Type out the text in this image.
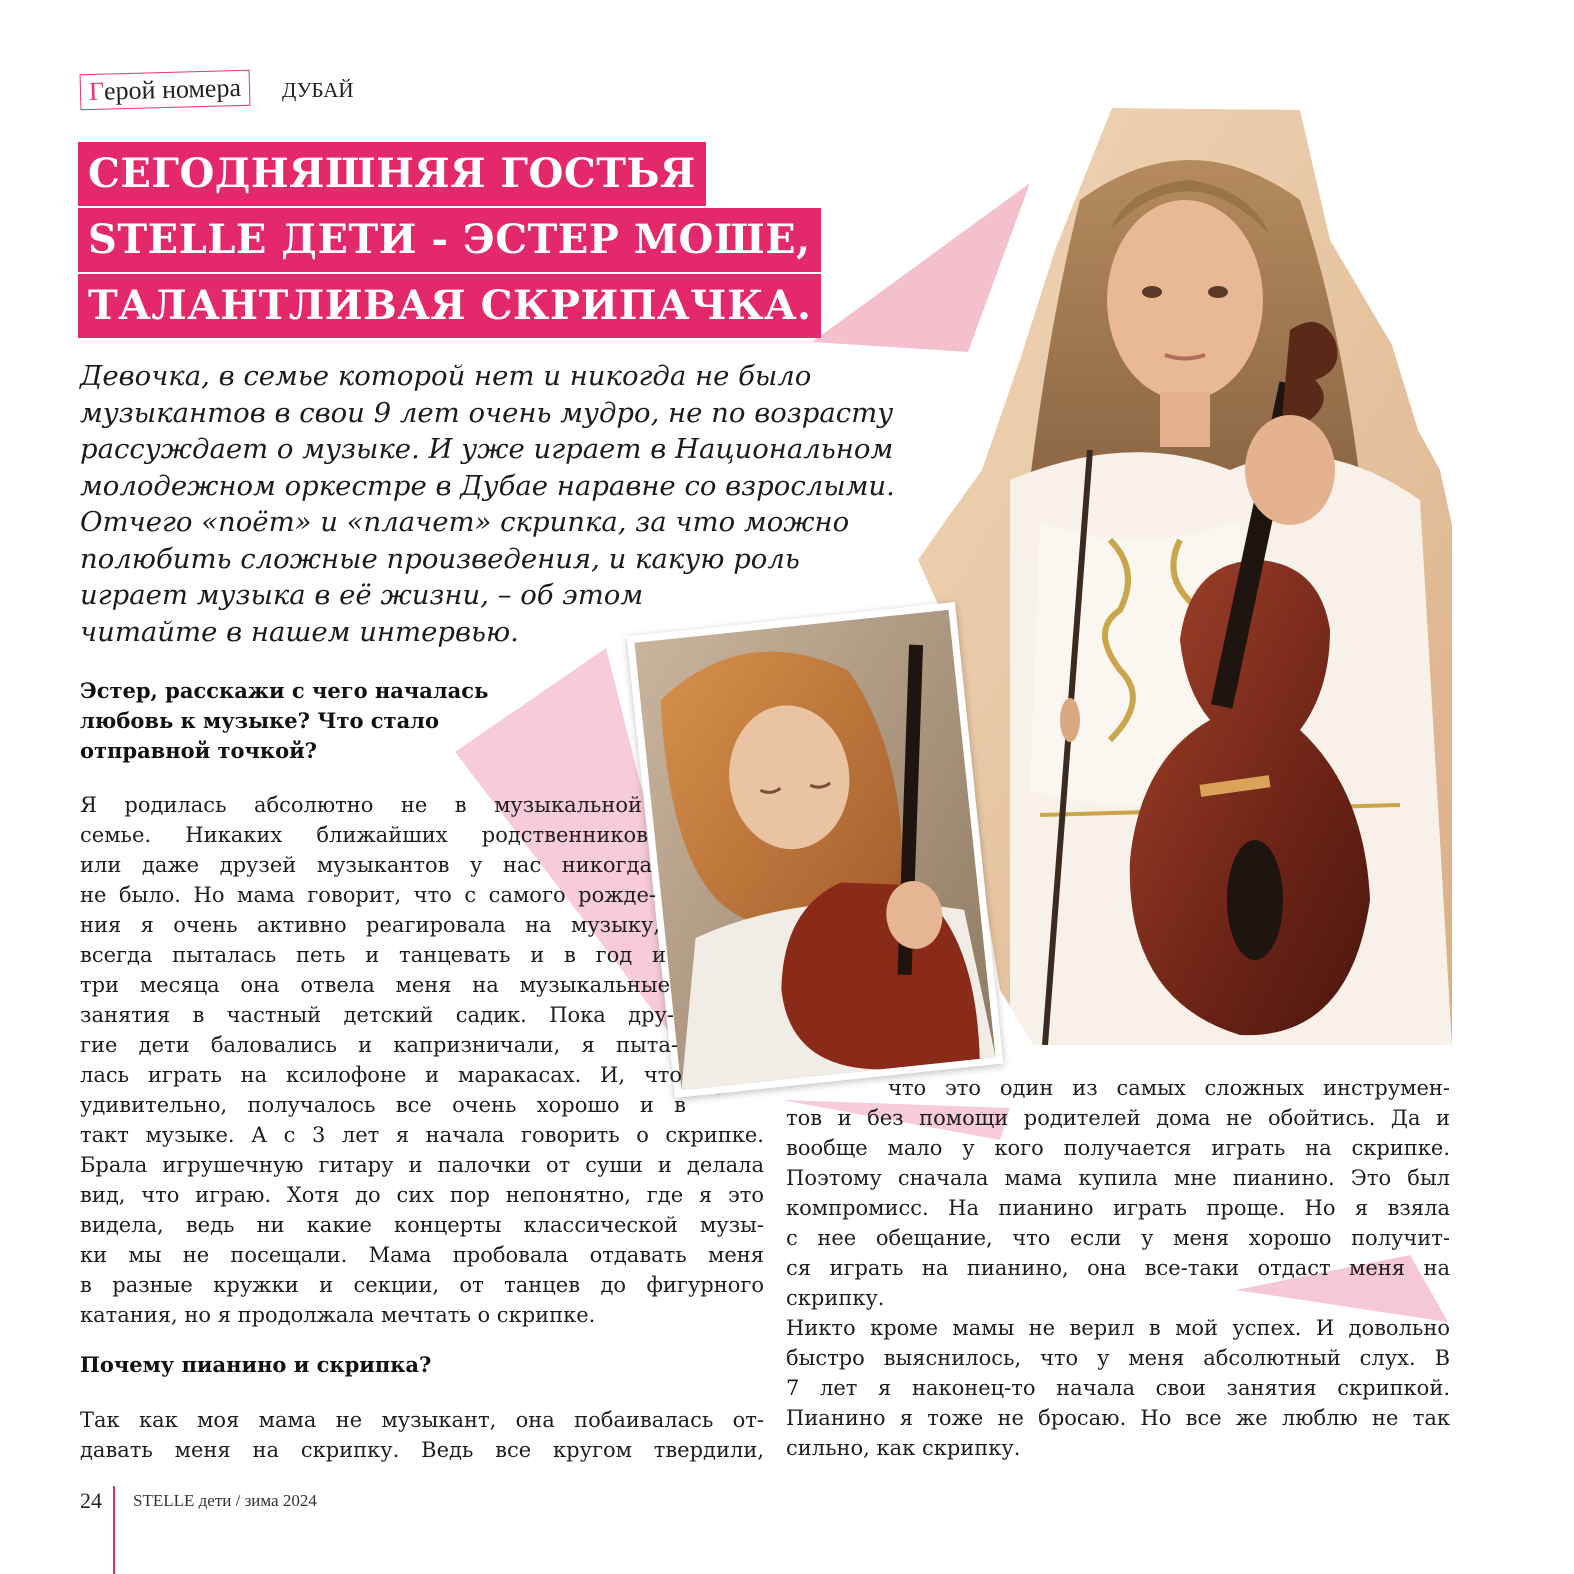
Г ерой номера ДУБАЙ
СЕГОДНЯШНЯЯ ГОСТЬЯ
STELLE ДЕТИ - ЭСТЕР МОШЕ,
ТАЛАНТЛИВАЯ СКРИПАЧКА.
Девочка, в семье которой нет и никогда не было
музыкантов в свои 9 лет очень мудро, не по возрасту
рассуждает о музыке. И уже играет в Национальном
молодежном оркестре в Дубае наравне со взрослыми.
Отчего «поёт» и «плачет» скрипка, за что можно
полюбить сложные произведения, и какую роль
играет музыка в её жизни, – об этом
читайте в нашем интервью.
Эстер, расскажи с чего началась
любовь к музыке? Что стало
отправной точкой?
Я родилась абсолютно не в музыкальной
семье. Никаких ближайших родственников
или даже друзей музыкантов у нас никогда
не было. Но мама говорит, что с самого рожде-
ния я очень активно реагировала на музыку,
всегда пыталась петь и танцевать и в год и
три месяца она отвела меня на музыкальные
занятия в частный детский садик. Пока дру-
гие дети баловались и капризничали, я пыта-
лась играть на ксилофоне и маракасах. И, что
удивительно, получалось все очень хорошо и в
такт музыке. А с 3 лет я начала говорить о скрипке.
Брала игрушечную гитару и палочки от суши и делала
вид, что играю. Хотя до сих пор непонятно, где я это
видела, ведь ни какие концерты классической музы-
ки мы не посещали. Мама пробовала отдавать меня
в разные кружки и секции, от танцев до фигурного
катания, но я продолжала мечтать о скрипке.
Почему пианино и скрипка?
Так как моя мама не музыкант, она побаивалась от-
давать меня на скрипку. Ведь все кругом твердили,
что это один из самых сложных инструмен-
тов и без помощи родителей дома не обойтись. Да и
вообще мало у кого получается играть на скрипке.
Поэтому сначала мама купила мне пианино. Это был
компромисс. На пианино играть проще. Но я взяла
с нее обещание, что если у меня хорошо получит-
ся играть на пианино, она все-таки отдаст меня на
скрипку.
Никто кроме мамы не верил в мой успех. И довольно
быстро выяснилось, что у меня абсолютный слух. В
7 лет я наконец-то начала свои занятия скрипкой.
Пианино я тоже не бросаю. Но все же люблю не так
сильно, как скрипку.
24 STELLE дети / зима 2024
